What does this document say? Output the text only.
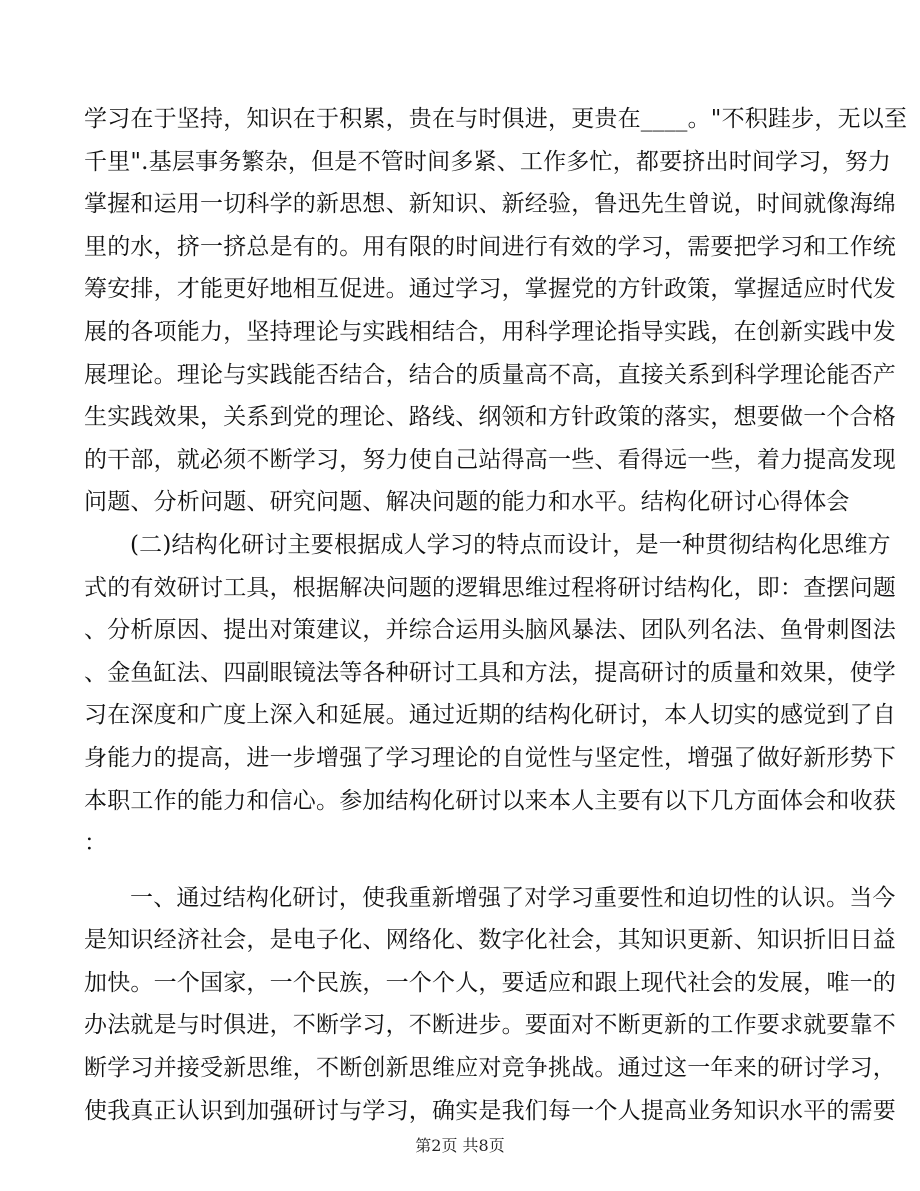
学习在于坚持，知识在于积累，贵在与时俱进，更贵在____。"不积跬步，无以至
千里".基层事务繁杂，但是不管时间多紧、工作多忙，都要挤出时间学习，努力
掌握和运用一切科学的新思想、新知识、新经验，鲁迅先生曾说，时间就像海绵
里的水，挤一挤总是有的。用有限的时间进行有效的学习，需要把学习和工作统
筹安排，才能更好地相互促进。通过学习，掌握党的方针政策，掌握适应时代发
展的各项能力，坚持理论与实践相结合，用科学理论指导实践，在创新实践中发
展理论。理论与实践能否结合，结合的质量高不高，直接关系到科学理论能否产
生实践效果，关系到党的理论、路线、纲领和方针政策的落实，想要做一个合格
的干部，就必须不断学习，努力使自己站得高一些、看得远一些，着力提高发现
问题、分析问题、研究问题、解决问题的能力和水平。结构化研讨心得体会
(二)结构化研讨主要根据成人学习的特点而设计，是一种贯彻结构化思维方
式的有效研讨工具，根据解决问题的逻辑思维过程将研讨结构化，即：查摆问题
、分析原因、提出对策建议，并综合运用头脑风暴法、团队列名法、鱼骨刺图法
、金鱼缸法、四副眼镜法等各种研讨工具和方法，提高研讨的质量和效果，使学
习在深度和广度上深入和延展。通过近期的结构化研讨，本人切实的感觉到了自
身能力的提高，进一步增强了学习理论的自觉性与坚定性，增强了做好新形势下
本职工作的能力和信心。参加结构化研讨以来本人主要有以下几方面体会和收获
：
一、通过结构化研讨，使我重新增强了对学习重要性和迫切性的认识。当今
是知识经济社会，是电子化、网络化、数字化社会，其知识更新、知识折旧日益
加快。一个国家，一个民族，一个个人，要适应和跟上现代社会的发展，唯一的
办法就是与时俱进，不断学习，不断进步。要面对不断更新的工作要求就要靠不
断学习并接受新思维，不断创新思维应对竞争挑战。通过这一年来的研讨学习，
使我真正认识到加强研讨与学习，确实是我们每一个人提高业务知识水平的需要
第2页 共8页
